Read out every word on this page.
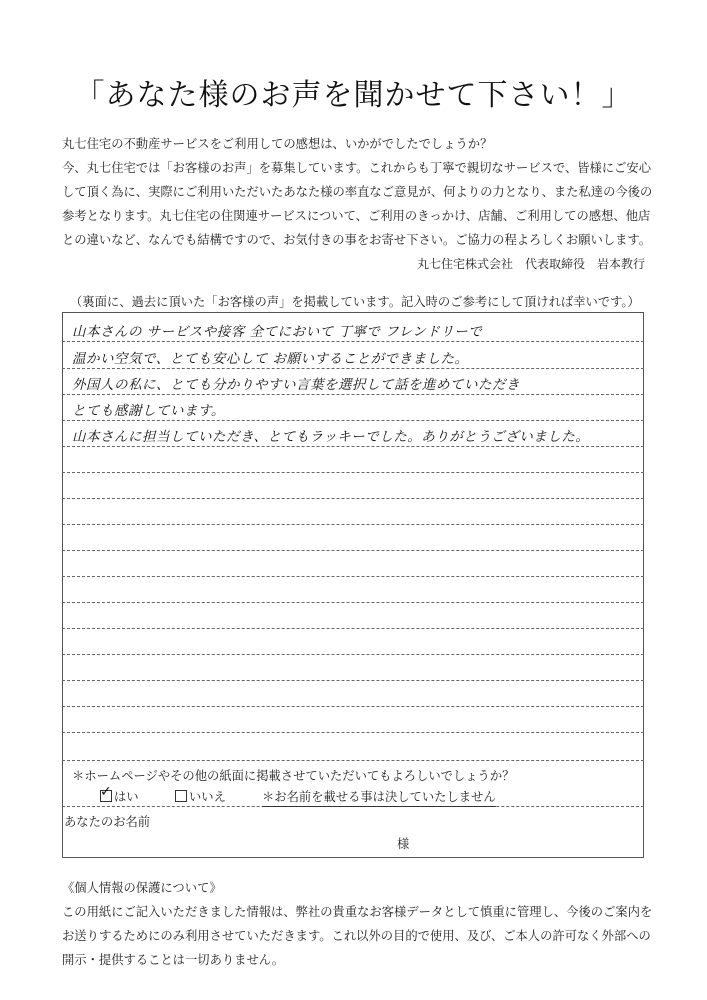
「あなた様のお声を聞かせて下さい！」
丸七住宅の不動産サービスをご利用しての感想は、いかがでしたでしょうか？
今、丸七住宅では「お客様のお声」を募集しています。これからも丁寧で親切なサービスで、皆様にご安心
して頂く為に、実際にご利用いただいたあなた様の率直なご意見が、何よりの力となり、また私達の今後の
参考となります。丸七住宅の住関連サービスについて、ご利用のきっかけ、店舗、ご利用しての感想、他店
との違いなど、なんでも結構ですので、お気付きの事をお寄せ下さい。ご協力の程よろしくお願いします。
丸七住宅株式会社　代表取締役　岩本教行
（裏面に、過去に頂いた「お客様の声」を掲載しています。記入時のご参考にして頂ければ幸いです。）
山本さんの サービスや接客 全てにおいて 丁寧で フレンドリーで
温かい空気で、とても安心して お願いすることができました。
外国人の私に、とても分かりやすい言葉を選択して話を進めていただき
とても感謝しています。
山本さんに担当していただき、とてもラッキーでした。ありがとうございました。
＊ホームページやその他の紙面に掲載させていただいてもよろしいでしょうか？
✓ はい	いいえ	＊お名前を載せる事は決していたしません
あなたのお名前
様
《個人情報の保護について》
この用紙にご記入いただきました情報は、弊社の貴重なお客様データとして慎重に管理し、今後のご案内を
お送りするためにのみ利用させていただきます。これ以外の目的で使用、及び、ご本人の許可なく外部への
開示・提供することは一切ありません。
